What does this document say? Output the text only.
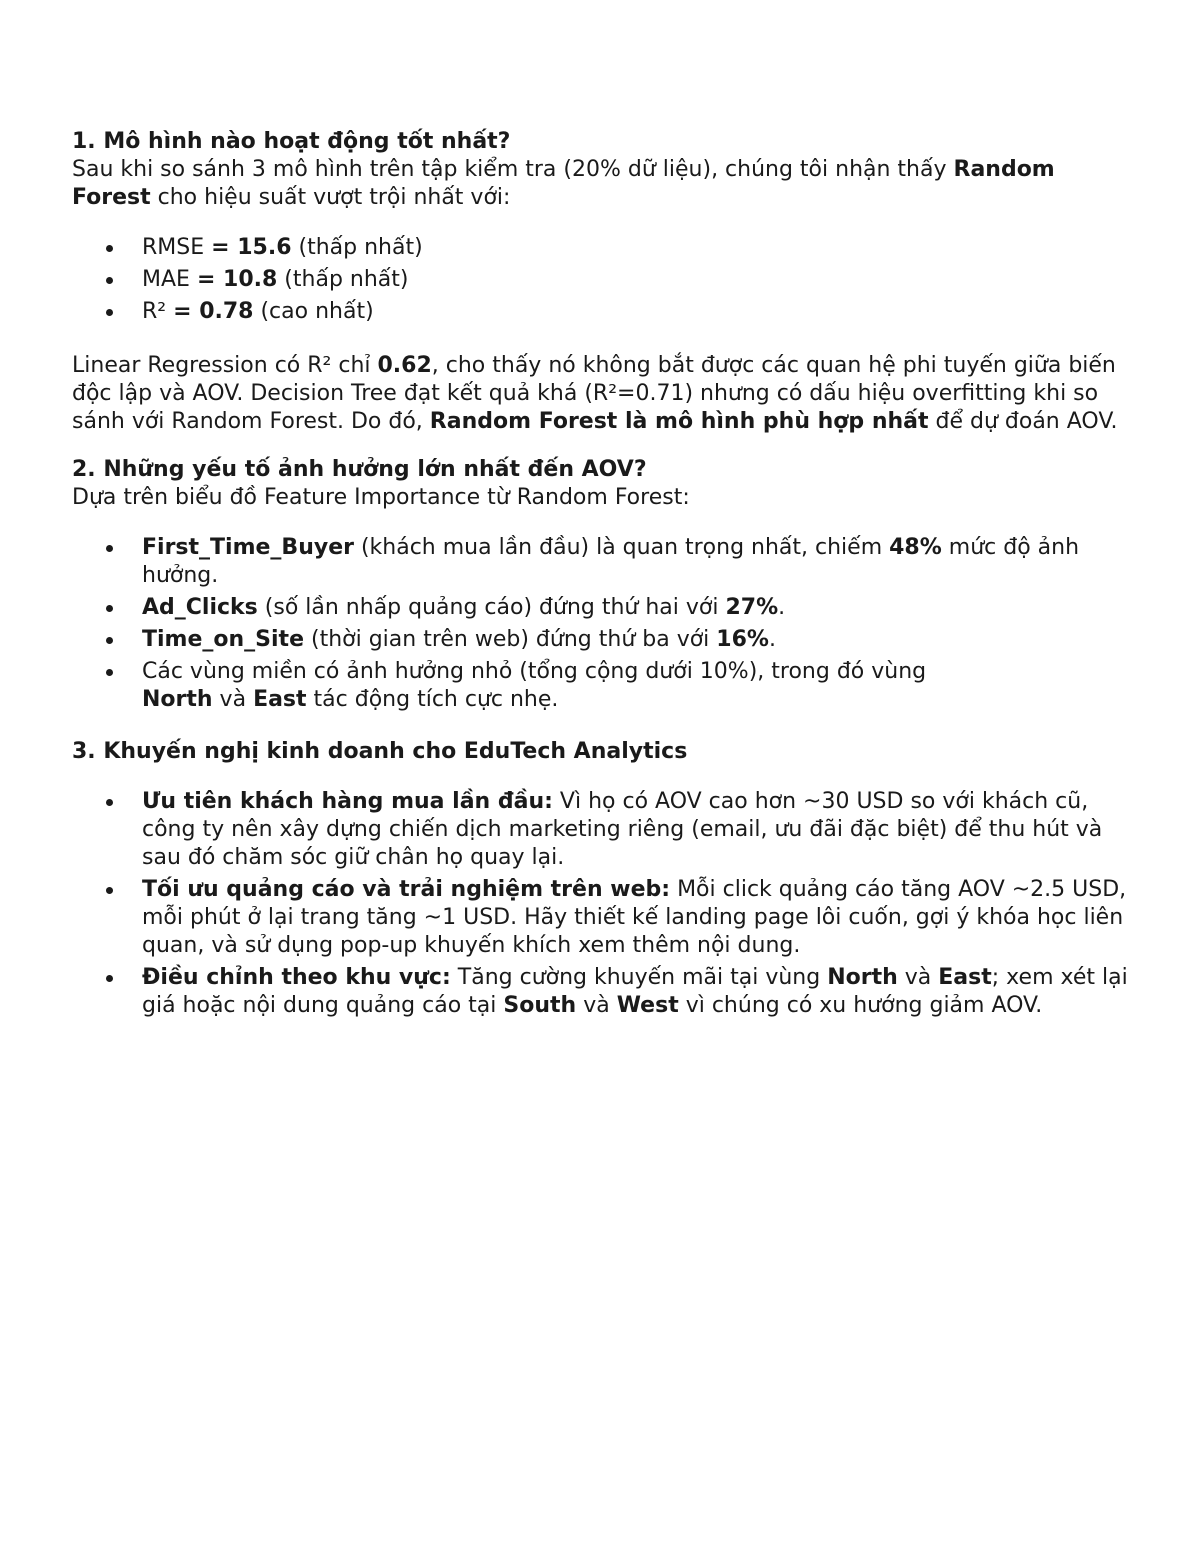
1. Mô hình nào hoạt động tốt nhất?

Sau khi so sánh 3 mô hình trên tập kiểm tra (20% dữ liệu), chúng tôi nhận thấy Random Forest cho hiệu suất vượt trội nhất với:

RMSE = 15.6 (thấp nhất)
MAE = 10.8 (thấp nhất)
R² = 0.78 (cao nhất)

Linear Regression có R² chỉ 0.62, cho thấy nó không bắt được các quan hệ phi tuyến giữa biến độc lập và AOV. Decision Tree đạt kết quả khá (R²=0.71) nhưng có dấu hiệu overfitting khi so sánh với Random Forest. Do đó, Random Forest là mô hình phù hợp nhất để dự đoán AOV.

2. Những yếu tố ảnh hưởng lớn nhất đến AOV?

Dựa trên biểu đồ Feature Importance từ Random Forest:

First_Time_Buyer (khách mua lần đầu) là quan trọng nhất, chiếm 48% mức độ ảnh hưởng.
Ad_Clicks (số lần nhấp quảng cáo) đứng thứ hai với 27%.
Time_on_Site (thời gian trên web) đứng thứ ba với 16%.
Các vùng miền có ảnh hưởng nhỏ (tổng cộng dưới 10%), trong đó vùng North và East tác động tích cực nhẹ.

3. Khuyến nghị kinh doanh cho EduTech Analytics

Ưu tiên khách hàng mua lần đầu: Vì họ có AOV cao hơn ~30 USD so với khách cũ, công ty nên xây dựng chiến dịch marketing riêng (email, ưu đãi đặc biệt) để thu hút và sau đó chăm sóc giữ chân họ quay lại.
Tối ưu quảng cáo và trải nghiệm trên web: Mỗi click quảng cáo tăng AOV ~2.5 USD, mỗi phút ở lại trang tăng ~1 USD. Hãy thiết kế landing page lôi cuốn, gợi ý khóa học liên quan, và sử dụng pop-up khuyến khích xem thêm nội dung.
Điều chỉnh theo khu vực: Tăng cường khuyến mãi tại vùng North và East; xem xét lại giá hoặc nội dung quảng cáo tại South và West vì chúng có xu hướng giảm AOV.
